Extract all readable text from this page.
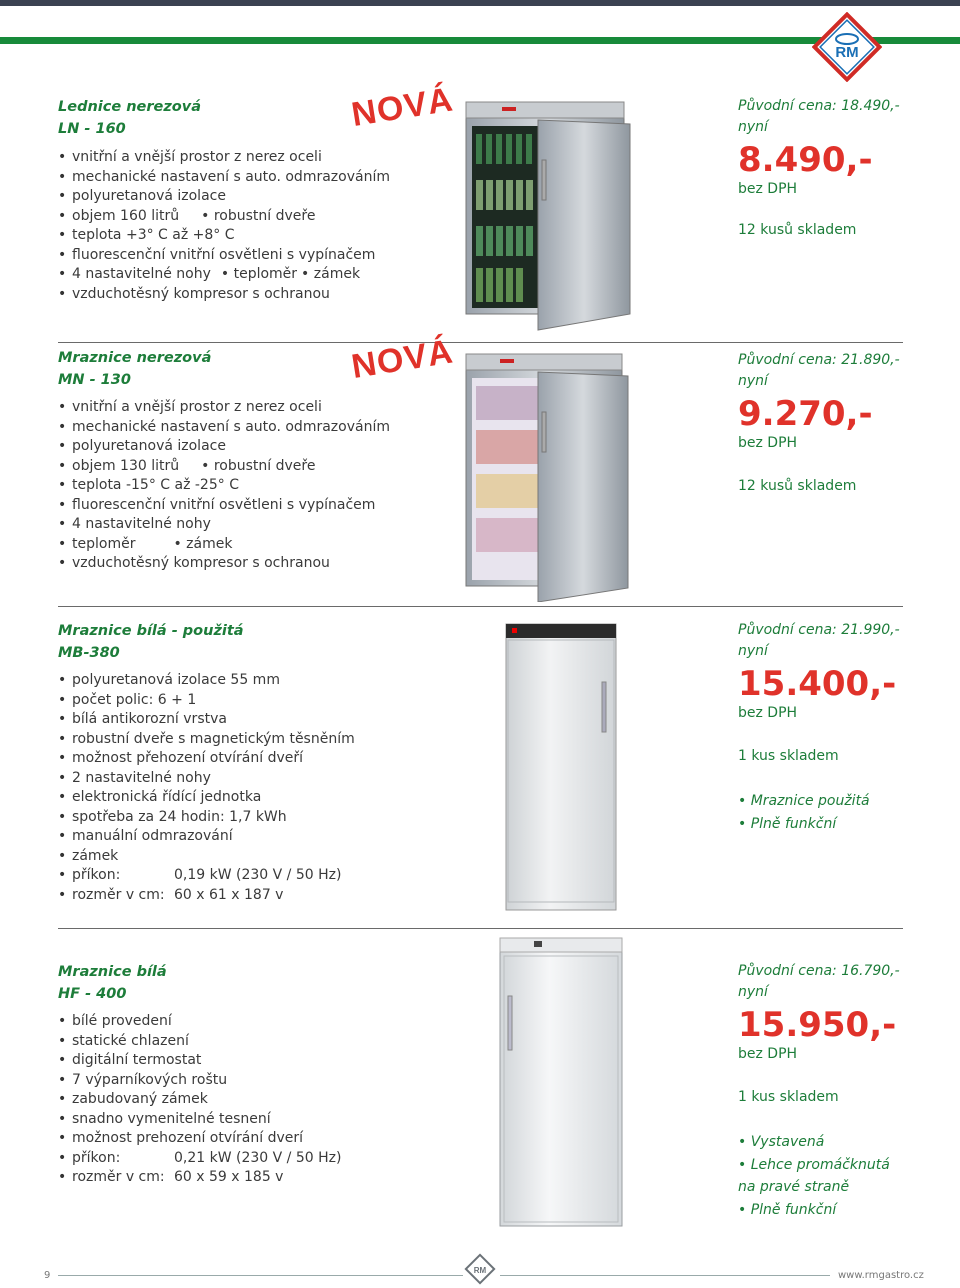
RM
Lednice nerezová
LN - 160	NOVÁ
• vnitřní a vnější prostor z nerez oceli
• mechanické nastavení s auto. odmrazováním
• polyuretanová izolace
• objem 160 litrů • robustní dveře
• teplota +3° C až +8° C
• fluorescenční vnitřní osvětleni s vypínačem
• 4 nastavitelné nohy • teploměr • zámek
• vzduchotěsný kompresor s ochranou
Původní cena: 18.490,-
nyní
8.490,-
bez DPH
12 kusů skladem
Mraznice nerezová
MN - 130	NOVÁ
• vnitřní a vnější prostor z nerez oceli
• mechanické nastavení s auto. odmrazováním
• polyuretanová izolace
• objem 130 litrů • robustní dveře
• teplota -15° C až -25° C
• fluorescenční vnitřní osvětleni s vypínačem
• 4 nastavitelné nohy
• teploměr	• zámek
• vzduchotěsný kompresor s ochranou
Původní cena: 21.890,-
nyní
9.270,-
bez DPH
12 kusů skladem
Mraznice bílá - použitá
MB-380
• polyuretanová izolace 55 mm
• počet polic: 6 + 1
• bílá antikorozní vrstva
• robustní dveře s magnetickým těsněním
• možnost přehození otvírání dveří
• 2 nastavitelné nohy
• elektronická řídící jednotka
• spotřeba za 24 hodin: 1,7 kWh
• manuální odmrazování
• zámek
• příkon:	0,19 kW (230 V / 50 Hz)
• rozměr v cm: 60 x 61 x 187 v
Původní cena: 21.990,-
nyní
15.400,-
bez DPH
1 kus skladem
• Mraznice použitá
• Plně funkční
Mraznice bílá
HF - 400
• bílé provedení
• statické chlazení
• digitální termostat
• 7 výparníkových roštu
• zabudovaný zámek
• snadno vymenitelné tesnení
• možnost prehození otvírání dverí
• příkon:	0,21 kW (230 V / 50 Hz)
• rozměr v cm: 60 x 59 x 185 v
Původní cena: 16.790,-
nyní
15.950,-
bez DPH
1 kus skladem
• Vystavená
• Lehce promáčknutá
na pravé straně
• Plně funkční
9	RM	www.rmgastro.cz
